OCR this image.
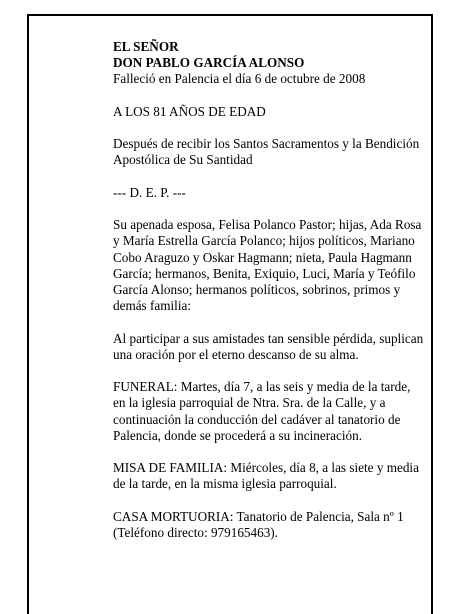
EL SEÑOR
DON PABLO GARCÍA ALONSO

Falleció en Palencia el día 6 de octubre de 2008

A LOS 81 AÑOS DE EDAD

Después de recibir los Santos Sacramentos y la Bendición Apostólica de Su Santidad

--- D. E. P. ---

Su apenada esposa, Felisa Polanco Pastor; hijas, Ada Rosa y María Estrella García Polanco; hijos políticos, Mariano Cobo Araguzo y Oskar Hagmann; nieta, Paula Hagmann García; hermanos, Benita, Exiquio, Luci, María y Teófilo García Alonso; hermanos políticos, sobrinos, primos y demás familia:

Al participar a sus amistades tan sensible pérdida, suplican una oración por el eterno descanso de su alma.

FUNERAL: Martes, día 7, a las seis y media de la tarde, en la iglesia parroquial de Ntra. Sra. de la Calle, y a continuación la conducción del cadáver al tanatorio de Palencia, donde se procederá a su incineración.

MISA DE FAMILIA: Miércoles, día 8, a las siete y media de la tarde, en la misma iglesia parroquial.

CASA MORTUORIA: Tanatorio de Palencia, Sala nº 1 (Teléfono directo: 979165463).
